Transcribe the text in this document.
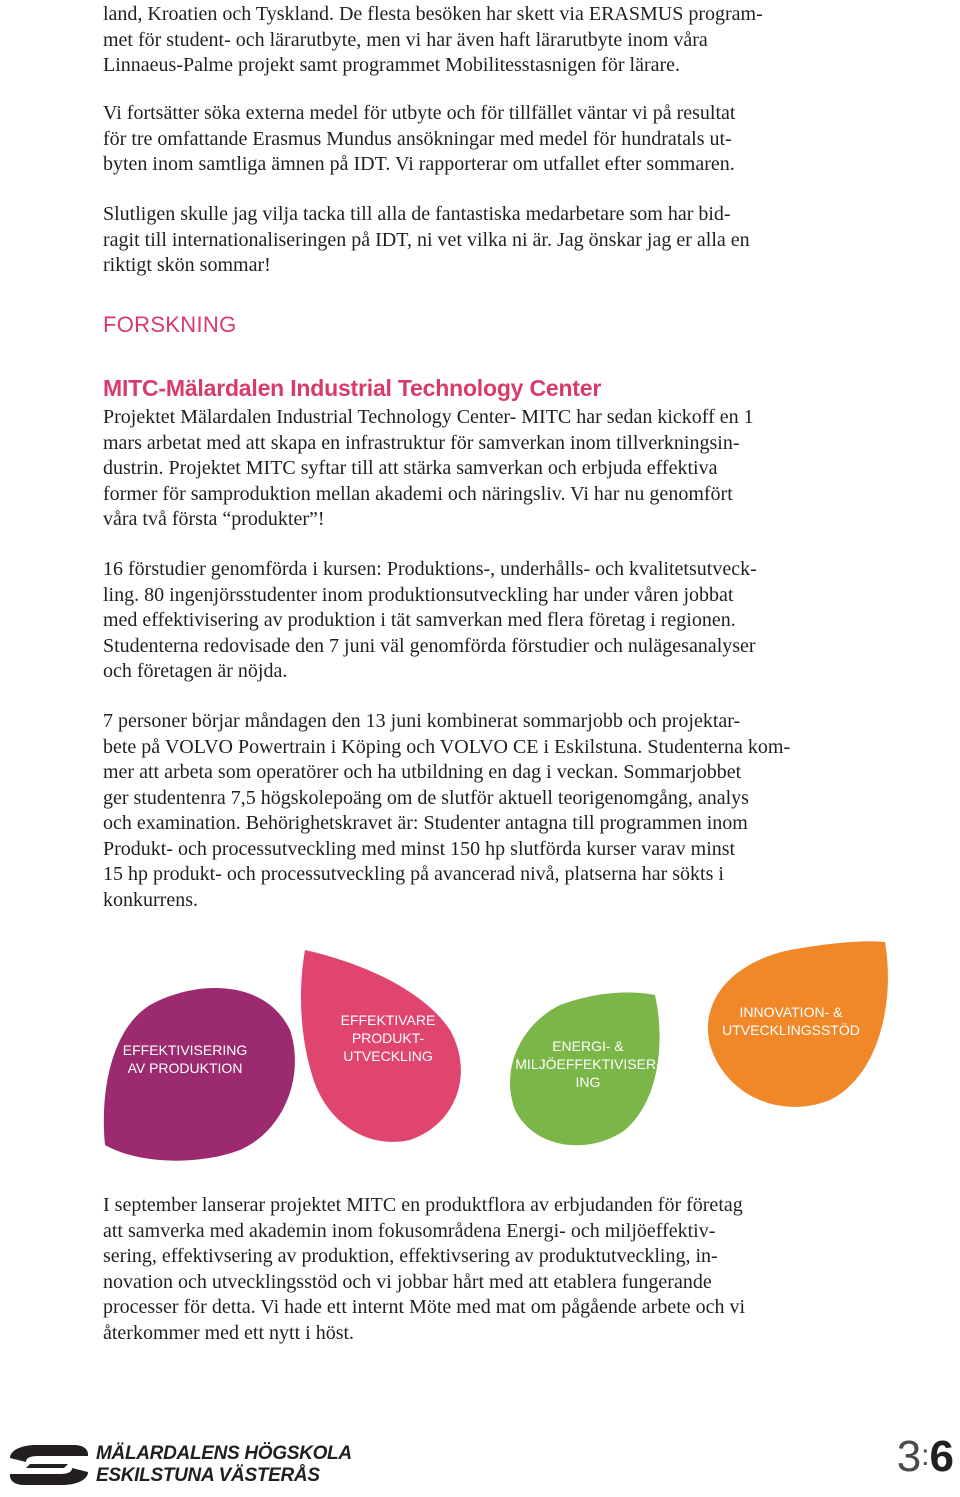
land, Kroatien och Tyskland. De flesta besöken har skett via ERASMUS program-
met för student- och lärarutbyte, men vi har även haft lärarutbyte inom våra
Linnaeus-Palme projekt samt programmet Mobilitesstasnigen för lärare.

Vi fortsätter söka externa medel för utbyte och för tillfället väntar vi på resultat
för tre omfattande Erasmus Mundus ansökningar med medel för hundratals ut-
byten inom samtliga ämnen på IDT. Vi rapporterar om utfallet efter sommaren.

Slutligen skulle jag vilja tacka till alla de fantastiska medarbetare som har bid-
ragit till internationaliseringen på IDT, ni vet vilka ni är. Jag önskar jag er alla en
riktigt skön sommar!

FORSKNING
MITC-Mälardalen Industrial Technology Center

Projektet Mälardalen Industrial Technology Center- MITC har sedan kickoff en 1
mars arbetat med att skapa en infrastruktur för samverkan inom tillverkningsin-
dustrin. Projektet MITC syftar till att stärka samverkan och erbjuda effektiva
former för samproduktion mellan akademi och näringsliv. Vi har nu genomfört
våra två första “produkter”!

16 förstudier genomförda i kursen: Produktions-, underhålls- och kvalitetsutveck-
ling. 80 ingenjörsstudenter inom produktionsutveckling har under våren jobbat
med effektivisering av produktion i tät samverkan med flera företag i regionen.
Studenterna redovisade den 7 juni väl genomförda förstudier och nulägesanalyser
och företagen är nöjda.

7 personer börjar måndagen den 13 juni kombinerat sommarjobb och projektar-
bete på VOLVO Powertrain i Köping och VOLVO CE i Eskilstuna. Studenterna kom-
mer att arbeta som operatörer och ha utbildning en dag i veckan. Sommarjobbet
ger studentenra 7,5 högskolepoäng om de slutför aktuell teorigenomgång, analys
och examination. Behörighetskravet är: Studenter antagna till programmen inom
Produkt- och processutveckling med minst 150 hp slutförda kurser varav minst
15 hp produkt- och processutveckling på avancerad nivå, platserna har sökts i
konkurrens.

EFFEKTIVISERING
AV PRODUKTION
EFFEKTIVARE
PRODUKT-
UTVECKLING
ENERGI- &
MILJÖEFFEKTIVISER-
ING
INNOVATION- &
UTVECKLINGSSTÖD

I september lanserar projektet MITC en produktflora av erbjudanden för företag
att samverka med akademin inom fokusområdena Energi- och miljöeffektiv-
sering, effektivsering av produktion, effektivsering av produktutveckling, in-
novation och utvecklingsstöd och vi jobbar hårt med att etablera fungerande
processer för detta. Vi hade ett internt Möte med mat om pågående arbete och vi
återkommer med ett nytt i höst.

MÄLARDALENS HÖGSKOLA
ESKILSTUNA VÄSTERÅS	3:6
